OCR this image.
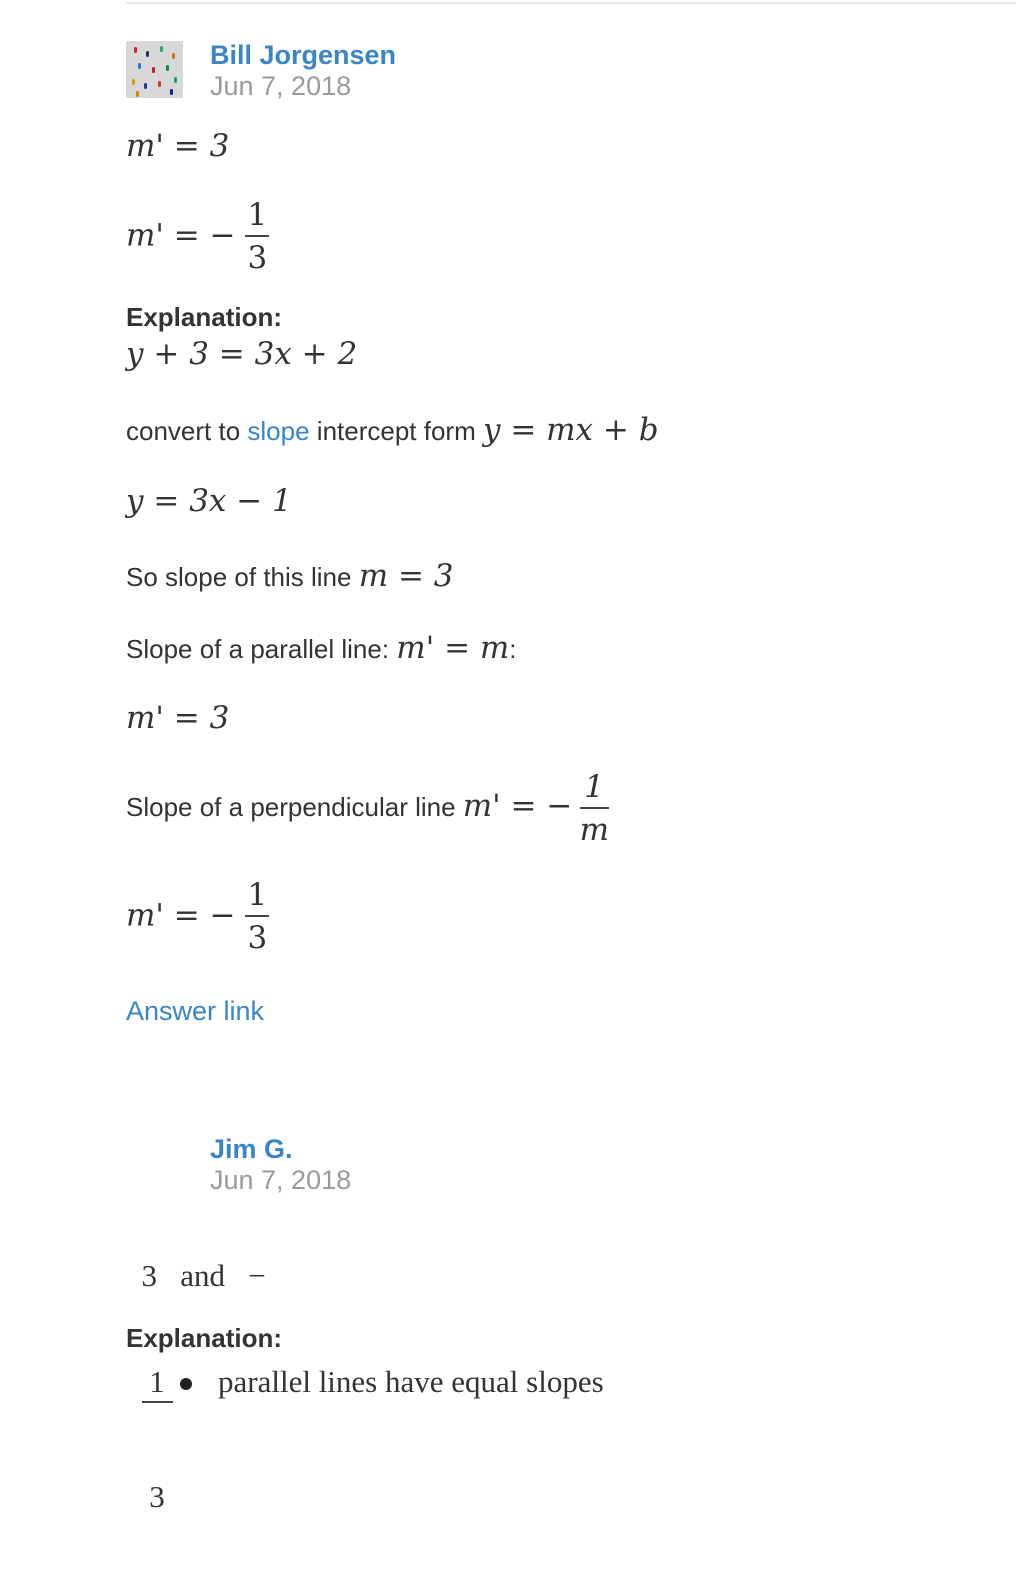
Bill Jorgensen
Jun 7, 2018
m' = 3
m' = − $\frac{1}{3}$
Explanation:
y + 3 = 3x + 2
convert to slope intercept form y = mx + b
y = 3x − 1
So slope of this line m = 3
Slope of a parallel line: m' = m:
m' = 3
Slope of a perpendicular line m' = − $\frac{1}{m}$
m' = − $\frac{1}{3}$
Answer link
Jim G.
Jun 7, 2018

3   and   −

$\frac{1}{3}$

Explanation:
parallel lines have equal slopes
